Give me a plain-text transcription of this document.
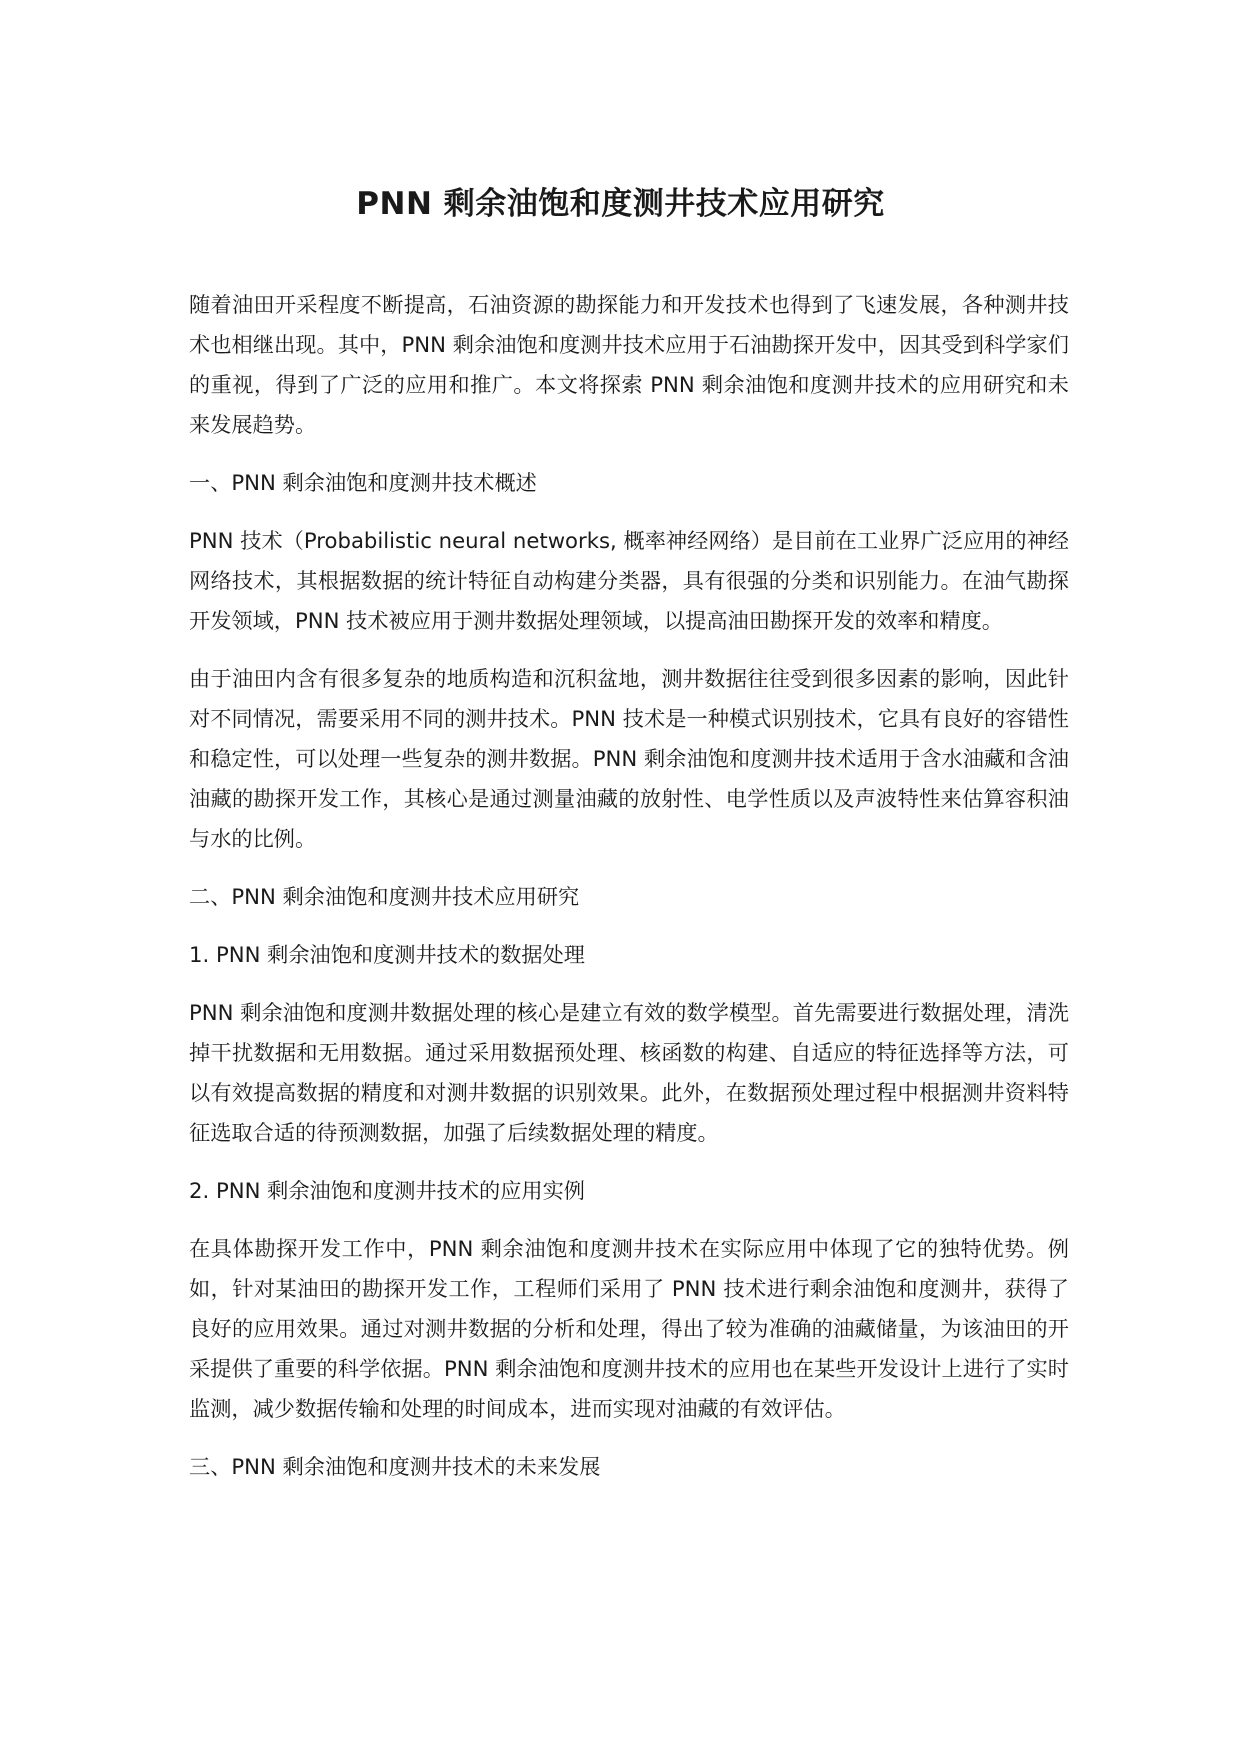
PNN 剩余油饱和度测井技术应用研究

随着油田开采程度不断提高，石油资源的勘探能力和开发技术也得到了飞速发展，各种测井技术也相继出现。其中，PNN 剩余油饱和度测井技术应用于石油勘探开发中，因其受到科学家们的重视，得到了广泛的应用和推广。本文将探索 PNN 剩余油饱和度测井技术的应用研究和未来发展趋势。

一、PNN 剩余油饱和度测井技术概述

PNN 技术（Probabilistic neural networks, 概率神经网络）是目前在工业界广泛应用的神经网络技术，其根据数据的统计特征自动构建分类器，具有很强的分类和识别能力。在油气勘探开发领域，PNN 技术被应用于测井数据处理领域，以提高油田勘探开发的效率和精度。

由于油田内含有很多复杂的地质构造和沉积盆地，测井数据往往受到很多因素的影响，因此针对不同情况，需要采用不同的测井技术。PNN 技术是一种模式识别技术，它具有良好的容错性和稳定性，可以处理一些复杂的测井数据。PNN 剩余油饱和度测井技术适用于含水油藏和含油油藏的勘探开发工作，其核心是通过测量油藏的放射性、电学性质以及声波特性来估算容积油与水的比例。

二、PNN 剩余油饱和度测井技术应用研究

1. PNN 剩余油饱和度测井技术的数据处理

PNN 剩余油饱和度测井数据处理的核心是建立有效的数学模型。首先需要进行数据处理，清洗掉干扰数据和无用数据。通过采用数据预处理、核函数的构建、自适应的特征选择等方法，可以有效提高数据的精度和对测井数据的识别效果。此外，在数据预处理过程中根据测井资料特征选取合适的待预测数据，加强了后续数据处理的精度。

2. PNN 剩余油饱和度测井技术的应用实例

在具体勘探开发工作中，PNN 剩余油饱和度测井技术在实际应用中体现了它的独特优势。例如，针对某油田的勘探开发工作，工程师们采用了 PNN 技术进行剩余油饱和度测井，获得了良好的应用效果。通过对测井数据的分析和处理，得出了较为准确的油藏储量，为该油田的开采提供了重要的科学依据。PNN 剩余油饱和度测井技术的应用也在某些开发设计上进行了实时监测，减少数据传输和处理的时间成本，进而实现对油藏的有效评估。

三、PNN 剩余油饱和度测井技术的未来发展
